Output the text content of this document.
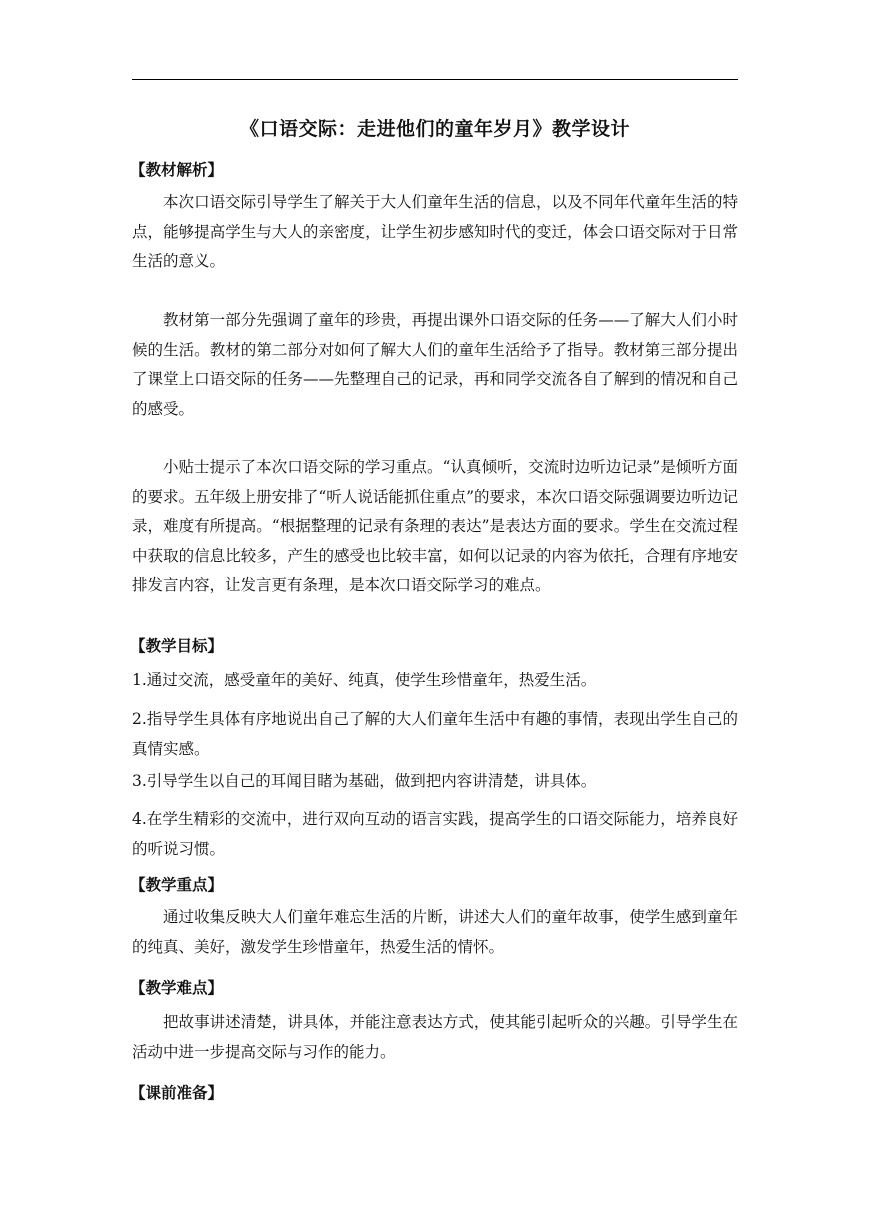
《口语交际：走进他们的童年岁月》教学设计
【教材解析】
本次口语交际引导学生了解关于大人们童年生活的信息，以及不同年代童年生活的特点，能够提高学生与大人的亲密度，让学生初步感知时代的变迁，体会口语交际对于日常生活的意义。
教材第一部分先强调了童年的珍贵，再提出课外口语交际的任务——了解大人们小时候的生活。教材的第二部分对如何了解大人们的童年生活给予了指导。教材第三部分提出了课堂上口语交际的任务——先整理自己的记录，再和同学交流各自了解到的情况和自己的感受。
小贴士提示了本次口语交际的学习重点。“认真倾听，交流时边听边记录”是倾听方面的要求。五年级上册安排了“听人说话能抓住重点”的要求，本次口语交际强调要边听边记录，难度有所提高。“根据整理的记录有条理的表达”是表达方面的要求。学生在交流过程中获取的信息比较多，产生的感受也比较丰富，如何以记录的内容为依托，合理有序地安排发言内容，让发言更有条理，是本次口语交际学习的难点。
【教学目标】
1.通过交流，感受童年的美好、纯真，使学生珍惜童年，热爱生活。
2.指导学生具体有序地说出自己了解的大人们童年生活中有趣的事情，表现出学生自己的真情实感。
3.引导学生以自己的耳闻目睹为基础，做到把内容讲清楚，讲具体。
4.在学生精彩的交流中，进行双向互动的语言实践，提高学生的口语交际能力，培养良好的听说习惯。
【教学重点】
通过收集反映大人们童年难忘生活的片断，讲述大人们的童年故事，使学生感到童年的纯真、美好，激发学生珍惜童年，热爱生活的情怀。
【教学难点】
把故事讲述清楚，讲具体，并能注意表达方式，使其能引起听众的兴趣。引导学生在活动中进一步提高交际与习作的能力。
【课前准备】
